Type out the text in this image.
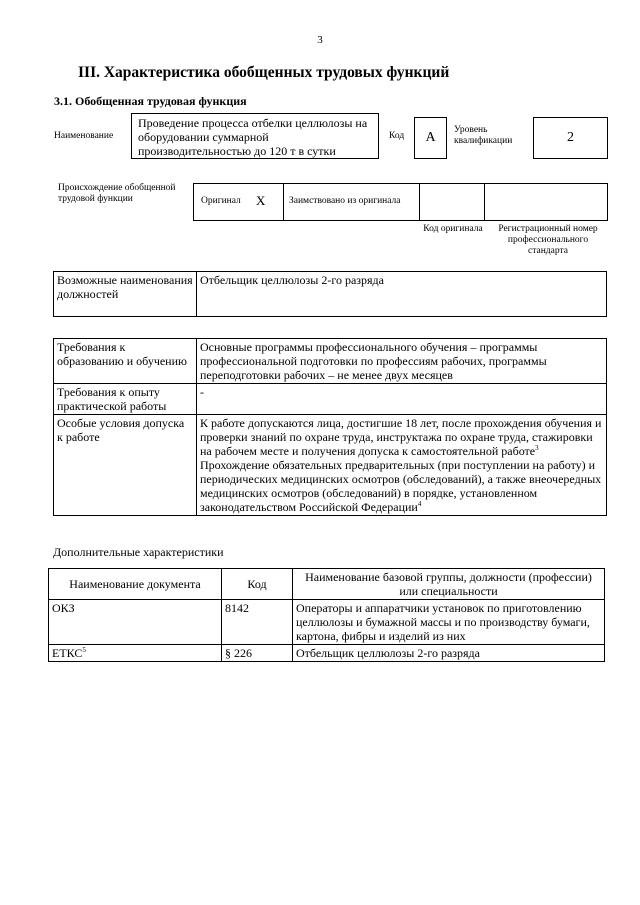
3
III. Характеристика обобщенных трудовых функций
3.1. Обобщенная трудовая функция
Наименование
Проведение процесса отбелки целлюлозы на оборудовании суммарной производительностью до 120 т в сутки
Код	A	Уровень квалификации	2
Происхождение обобщенной трудовой функции	Оригинал X Заимствовано из оригинала
Код оригинала	Регистрационный номер профессионального стандарта
Возможные наименования должностей	Отбельщик целлюлозы 2-го разряда
Требования к образованию и обучению	Основные программы профессионального обучения – программы профессиональной подготовки по профессиям рабочих, программы переподготовки рабочих – не менее двух месяцев
Требования к опыту практической работы	-
Особые условия допуска к работе	К работе допускаются лица, достигшие 18 лет, после прохождения обучения и проверки знаний по охране труда, инструктажа по охране труда, стажировки на рабочем месте и получения допуска к самостоятельной работе$^3$
Прохождение обязательных предварительных (при поступлении на работу) и периодических медицинских осмотров (обследований), а также внеочередных медицинских осмотров (обследований) в порядке, установленном законодательством Российской Федерации$^4$
Дополнительные характеристики
Наименование документа	Код	Наименование базовой группы, должности (профессии) или специальности
ОКЗ	8142	Операторы и аппаратчики установок по приготовлению целлюлозы и бумажной массы и по производству бумаги, картона, фибры и изделий из них
ЕТКС$^5$	§ 226	Отбельщик целлюлозы 2-го разряда
